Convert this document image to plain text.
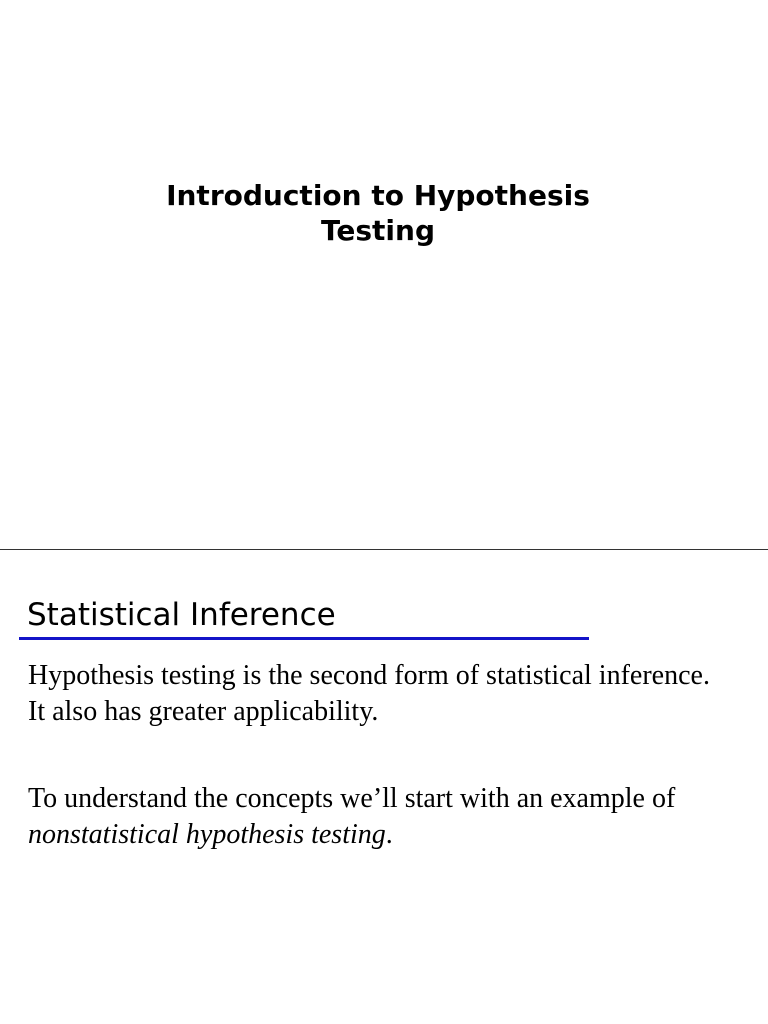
Introduction to Hypothesis
Testing
Statistical Inference
Hypothesis testing is the second form of statistical inference.
It also has greater applicability.
To understand the concepts we’ll start with an example of
nonstatistical hypothesis testing.
